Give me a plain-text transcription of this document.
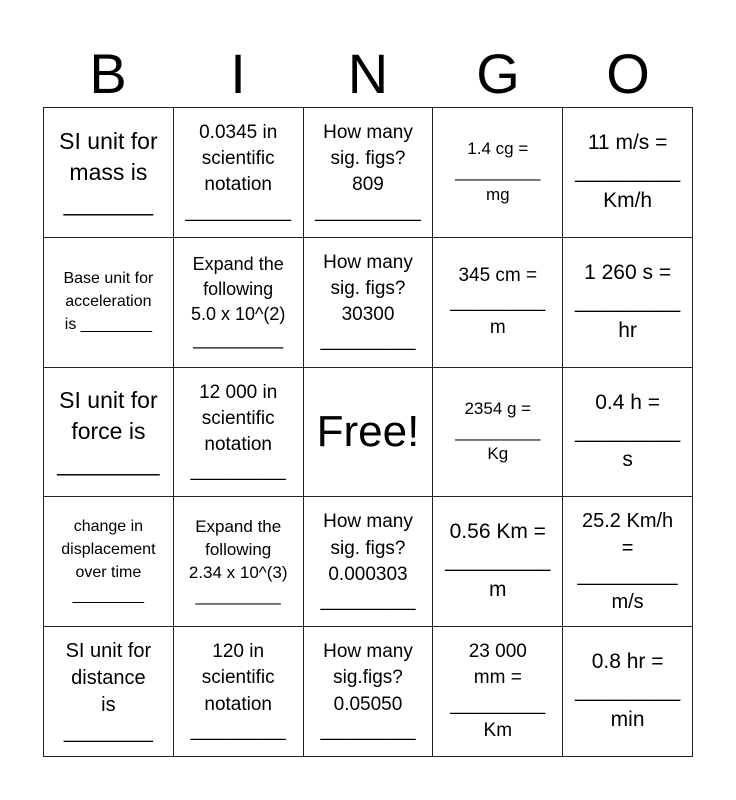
B	I	N	G	O
SI unit for
mass is
_______
0.0345 in
scientific
notation
__________
How many
sig. figs?
809
__________
1.4 cg =
_________
mg
11 m/s =
_________
Km/h
Base unit for
acceleration
is ________
Expand the
following
5.0 x 10^(2)
_________
How many
sig. figs?
30300
_________
345 cm =
_________
m
1 260 s =
_________
hr
SI unit for
force is
________
12 000 in
scientific
notation
_________
Free!	2354 g =
_________
Kg
0.4 h =
_________
s
change in
displacement
over time
________
Expand the
following
2.34 x 10^(3)
_________
How many
sig. figs?
0.000303
_________
0.56 Km =
_________
m
25.2 Km/h
=
_________
m/s
SI unit for
distance
is
________
120 in
scientific
notation
_________
How many
sig.figs?
0.05050
_________
23 000
mm =
_________
Km
0.8 hr =
_________
min
